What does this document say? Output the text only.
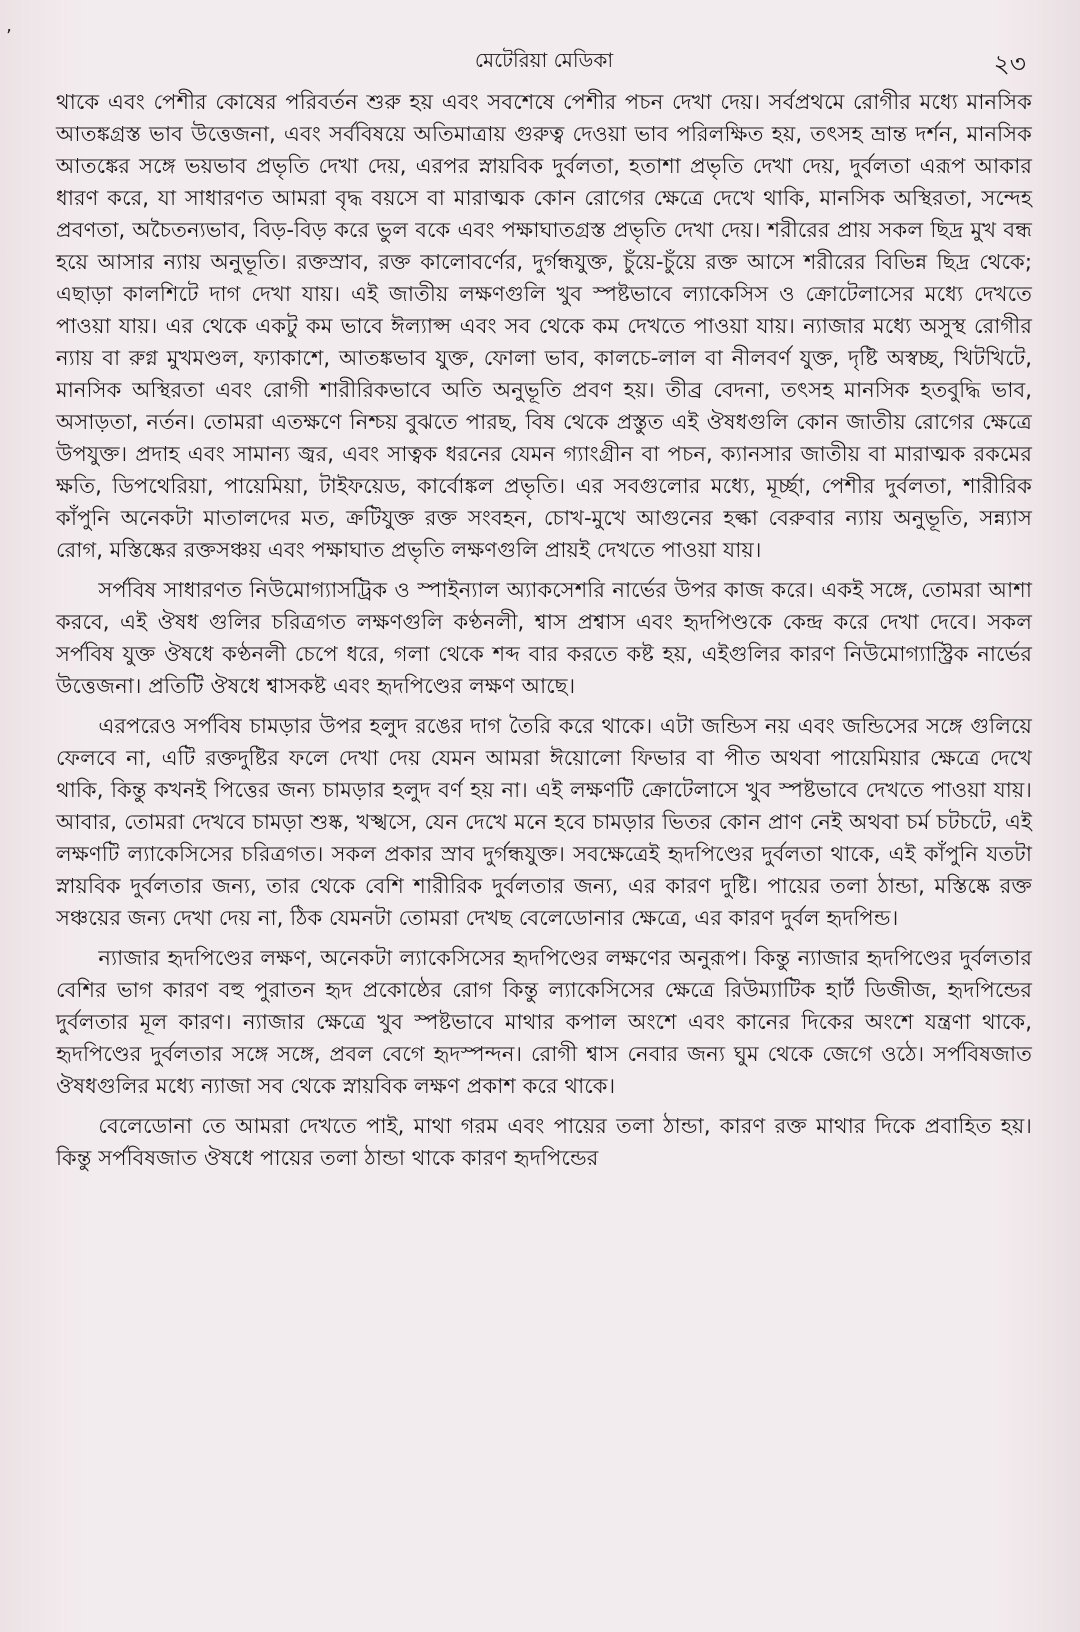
’
মেটেরিয়া মেডিকা	২৩

থাকে এবং পেশীর কোষের পরিবর্তন শুরু হয় এবং সবশেষে পেশীর পচন দেখা দেয়। সর্বপ্রথমে রোগীর মধ্যে মানসিক আতঙ্কগ্রস্ত ভাব উত্তেজনা, এবং সর্ববিষয়ে অতিমাত্রায় গুরুত্ব দেওয়া ভাব পরিলক্ষিত হয়, তৎসহ ভ্রান্ত দর্শন, মানসিক আতঙ্কের সঙ্গে ভয়ভাব প্রভৃতি দেখা দেয়, এরপর স্নায়বিক দুর্বলতা, হতাশা প্রভৃতি দেখা দেয়, দুর্বলতা এরূপ আকার ধারণ করে, যা সাধারণত আমরা বৃদ্ধ বয়সে বা মারাত্মক কোন রোগের ক্ষেত্রে দেখে থাকি, মানসিক অস্থিরতা, সন্দেহ প্রবণতা, অচৈতন্যভাব, বিড়-বিড় করে ভুল বকে এবং পক্ষাঘাতগ্রস্ত প্রভৃতি দেখা দেয়। শরীরের প্রায় সকল ছিদ্র মুখ বন্ধ হয়ে আসার ন্যায় অনুভূতি। রক্তস্রাব, রক্ত কালোবর্ণের, দুর্গন্ধযুক্ত, চুঁয়ে-চুঁয়ে রক্ত আসে শরীরের বিভিন্ন ছিদ্র থেকে; এছাড়া কালশিটে দাগ দেখা যায়। এই জাতীয় লক্ষণগুলি খুব স্পষ্টভাবে ল্যাকেসিস ও ক্রোটেলাসের মধ্যে দেখতে পাওয়া যায়। এর থেকে একটু কম ভাবে ঈল্যাপ্স এবং সব থেকে কম দেখতে পাওয়া যায়। ন্যাজার মধ্যে অসুস্থ রোগীর ন্যায় বা রুগ্ন মুখমণ্ডল, ফ্যাকাশে, আতঙ্কভাব যুক্ত, ফোলা ভাব, কালচে-লাল বা নীলবর্ণ যুক্ত, দৃষ্টি অস্বচ্ছ, খিটখিটে, মানসিক অস্থিরতা এবং রোগী শারীরিকভাবে অতি অনুভূতি প্রবণ হয়। তীব্র বেদনা, তৎসহ মানসিক হতবুদ্ধি ভাব, অসাড়তা, নর্তন। তোমরা এতক্ষণে নিশ্চয় বুঝতে পারছ, বিষ থেকে প্রস্তুত এই ঔষধগুলি কোন জাতীয় রোগের ক্ষেত্রে উপযুক্ত। প্রদাহ এবং সামান্য জ্বর, এবং সাত্বক ধরনের যেমন গ্যাংগ্রীন বা পচন, ক্যানসার জাতীয় বা মারাত্মক রকমের ক্ষতি, ডিপথেরিয়া, পায়েমিয়া, টাইফয়েড, কার্বোঙ্কল প্রভৃতি। এর সবগুলোর মধ্যে, মূর্চ্ছা, পেশীর দুর্বলতা, শারীরিক কাঁপুনি অনেকটা মাতালদের মত, ক্রটিযুক্ত রক্ত সংবহন, চোখ-মুখে আগুনের হল্কা বেরুবার ন্যায় অনুভূতি, সন্ন্যাস রোগ, মস্তিষ্কের রক্তসঞ্চয় এবং পক্ষাঘাত প্রভৃতি লক্ষণগুলি প্রায়ই দেখতে পাওয়া যায়।

সর্পবিষ সাধারণত নিউমোগ্যাসট্রিক ও স্পাইন্যাল অ্যাকসেশরি নার্ভের উপর কাজ করে। একই সঙ্গে, তোমরা আশা করবে, এই ঔষধ গুলির চরিত্রগত লক্ষণগুলি কণ্ঠনলী, শ্বাস প্রশ্বাস এবং হৃদপিণ্ডকে কেন্দ্র করে দেখা দেবে। সকল সর্পবিষ যুক্ত ঔষধে কণ্ঠনলী চেপে ধরে, গলা থেকে শব্দ বার করতে কষ্ট হয়, এইগুলির কারণ নিউমোগ্যাস্ট্রিক নার্ভের উত্তেজনা। প্রতিটি ঔষধে শ্বাসকষ্ট এবং হৃদপিণ্ডের লক্ষণ আছে।

এরপরেও সর্পবিষ চামড়ার উপর হলুদ রঙের দাগ তৈরি করে থাকে। এটা জন্ডিস নয় এবং জন্ডিসের সঙ্গে গুলিয়ে ফেলবে না, এটি রক্তদুষ্টির ফলে দেখা দেয় যেমন আমরা ঈয়োলো ফিভার বা পীত অথবা পায়েমিয়ার ক্ষেত্রে দেখে থাকি, কিন্তু কখনই পিত্তের জন্য চামড়ার হলুদ বর্ণ হয় না। এই লক্ষণটি ক্রোটেলাসে খুব স্পষ্টভাবে দেখতে পাওয়া যায়। আবার, তোমরা দেখবে চামড়া শুষ্ক, খস্খসে, যেন দেখে মনে হবে চামড়ার ভিতর কোন প্রাণ নেই অথবা চর্ম চটচটে, এই লক্ষণটি ল্যাকেসিসের চরিত্রগত। সকল প্রকার স্রাব দুর্গন্ধযুক্ত। সবক্ষেত্রেই হৃদপিণ্ডের দুর্বলতা থাকে, এই কাঁপুনি যতটা স্নায়বিক দুর্বলতার জন্য, তার থেকে বেশি শারীরিক দুর্বলতার জন্য, এর কারণ দুষ্টি। পায়ের তলা ঠান্ডা, মস্তিষ্কে রক্ত সঞ্চয়ের জন্য দেখা দেয় না, ঠিক যেমনটা তোমরা দেখছ বেলেডোনার ক্ষেত্রে, এর কারণ দুর্বল হৃদপিন্ড।

ন্যাজার হৃদপিণ্ডের লক্ষণ, অনেকটা ল্যাকেসিসের হৃদপিণ্ডের লক্ষণের অনুরূপ। কিন্তু ন্যাজার হৃদপিণ্ডের দুর্বলতার বেশির ভাগ কারণ বহু পুরাতন হৃদ প্রকোষ্ঠের রোগ কিন্তু ল্যাকেসিসের ক্ষেত্রে রিউম্যাটিক হার্ট ডিজীজ, হৃদপিন্ডের দুর্বলতার মূল কারণ। ন্যাজার ক্ষেত্রে খুব স্পষ্টভাবে মাথার কপাল অংশে এবং কানের দিকের অংশে যন্ত্রণা থাকে, হৃদপিণ্ডের দুর্বলতার সঙ্গে সঙ্গে, প্রবল বেগে হৃদস্পন্দন। রোগী শ্বাস নেবার জন্য ঘুম থেকে জেগে ওঠে। সর্পবিষজাত ঔষধগুলির মধ্যে ন্যাজা সব থেকে স্নায়বিক লক্ষণ প্রকাশ করে থাকে।

বেলেডোনা তে আমরা দেখতে পাই, মাথা গরম এবং পায়ের তলা ঠান্ডা, কারণ রক্ত মাথার দিকে প্রবাহিত হয়। কিন্তু সর্পবিষজাত ঔষধে পায়ের তলা ঠান্ডা থাকে কারণ হৃদপিন্ডের
